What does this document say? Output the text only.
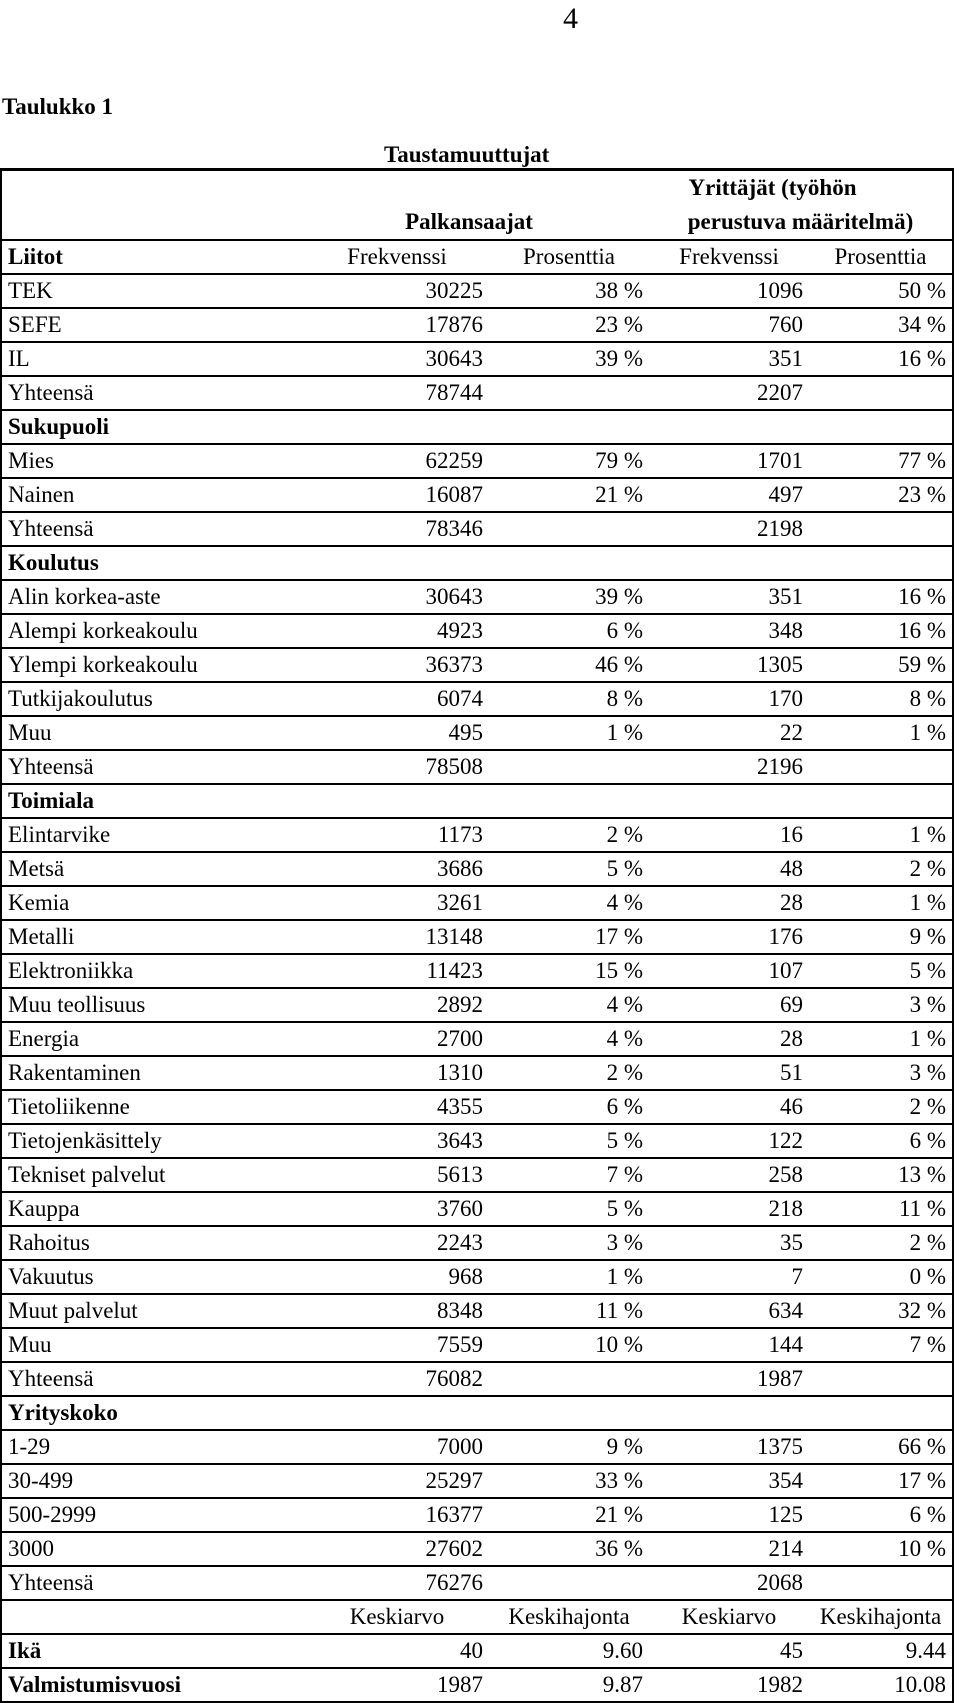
4
Taulukko 1
Taustamuuttujat
	Palkansaajat		Yrittäjät (työhön
perustuva määritelmä)	

Liitot	Frekvenssi	Prosenttia	Frekvenssi	Prosenttia
TEK	30225	38 %	1096	50 %
SEFE	17876	23 %	760	34 %
IL	30643	39 %	351	16 %
Yhteensä	78744		2207	
Sukupuoli				
Mies	62259	79 %	1701	77 %
Nainen	16087	21 %	497	23 %
Yhteensä	78346		2198	
Koulutus				
Alin korkea-aste	30643	39 %	351	16 %
Alempi korkeakoulu	4923	6 %	348	16 %
Ylempi korkeakoulu	36373	46 %	1305	59 %
Tutkijakoulutus	6074	8 %	170	8 %
Muu	495	1 %	22	1 %
Yhteensä	78508		2196	
Toimiala				
Elintarvike	1173	2 %	16	1 %
Metsä	3686	5 %	48	2 %
Kemia	3261	4 %	28	1 %
Metalli	13148	17 %	176	9 %
Elektroniikka	11423	15 %	107	5 %
Muu teollisuus	2892	4 %	69	3 %
Energia	2700	4 %	28	1 %
Rakentaminen	1310	2 %	51	3 %
Tietoliikenne	4355	6 %	46	2 %
Tietojenkäsittely	3643	5 %	122	6 %
Tekniset palvelut	5613	7 %	258	13 %
Kauppa	3760	5 %	218	11 %
Rahoitus	2243	3 %	35	2 %
Vakuutus	968	1 %	7	0 %
Muut palvelut	8348	11 %	634	32 %
Muu	7559	10 %	144	7 %
Yhteensä	76082		1987	
Yrityskoko				
1-29	7000	9 %	1375	66 %
30-499	25297	33 %	354	17 %
500-2999	16377	21 %	125	6 %
3000	27602	36 %	214	10 %
Yhteensä	76276		2068	
	Keskiarvo	Keskihajonta	Keskiarvo	Keskihajonta
Ikä	40	9.60	45	9.44
Valmistumisvuosi	1987	9.87	1982	10.08
